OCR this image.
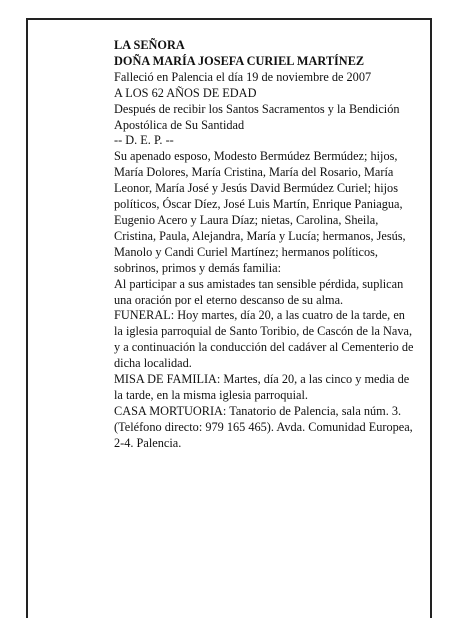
LA SEÑORA

DOÑA MARÍA JOSEFA CURIEL MARTÍNEZ

Falleció en Palencia el día 19 de noviembre de 2007

A LOS 62 AÑOS DE EDAD

Después de recibir los Santos Sacramentos y la Bendición Apostólica de Su Santidad

-- D. E. P. --

Su apenado esposo, Modesto Bermúdez Bermúdez; hijos, María Dolores, María Cristina, María del Rosario, María Leonor, María José y Jesús David Bermúdez Curiel; hijos políticos, Óscar Díez, José Luis Martín, Enrique Paniagua, Eugenio Acero y Laura Díaz; nietas, Carolina, Sheila, Cristina, Paula, Alejandra, María y Lucía; hermanos, Jesús, Manolo y Candi Curiel Martínez; hermanos políticos, sobrinos, primos y demás familia:

Al participar a sus amistades tan sensible pérdida, suplican una oración por el eterno descanso de su alma.

FUNERAL: Hoy martes, día 20, a las cuatro de la tarde, en la iglesia parroquial de Santo Toribio, de Cascón de la Nava, y a continuación la conducción del cadáver al Cementerio de dicha localidad.

MISA DE FAMILIA: Martes, día 20, a las cinco y media de la tarde, en la misma iglesia parroquial.

CASA MORTUORIA: Tanatorio de Palencia, sala núm. 3. (Teléfono directo: 979 165 465). Avda. Comunidad Europea, 2-4. Palencia.
